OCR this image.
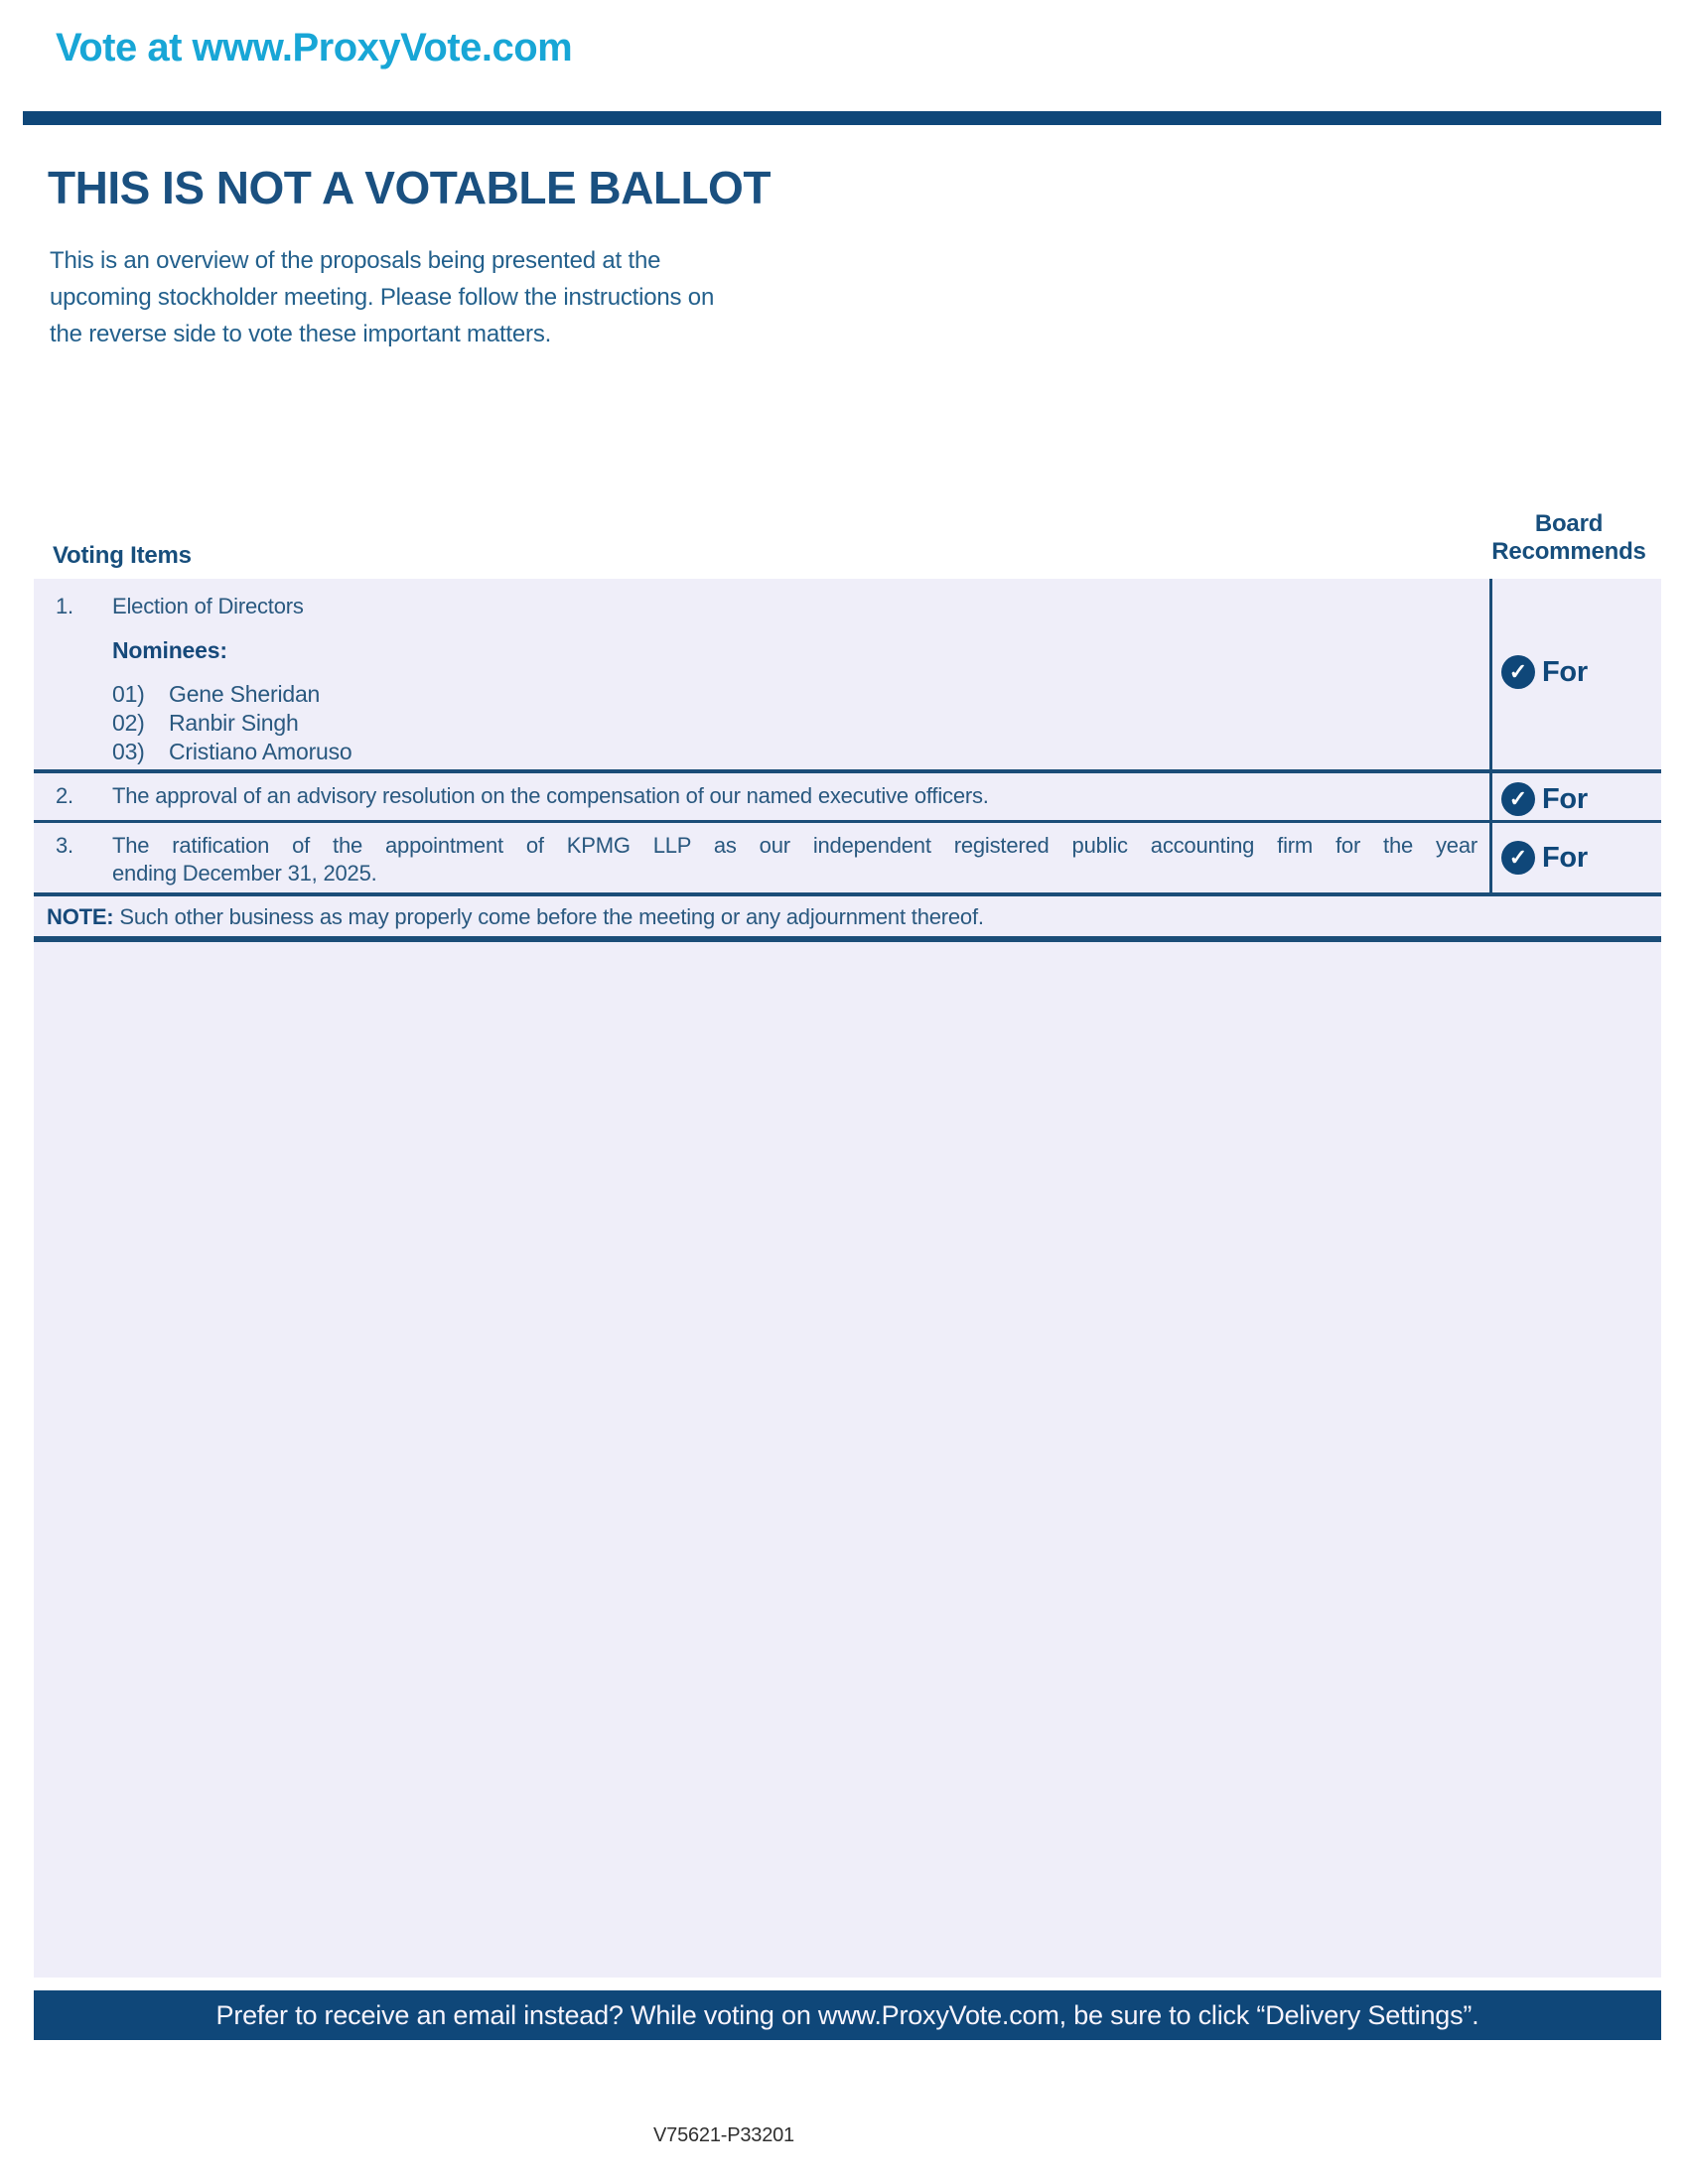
Vote at www.ProxyVote.com
THIS IS NOT A VOTABLE BALLOT
This is an overview of the proposals being presented at the
upcoming stockholder meeting. Please follow the instructions on
the reverse side to vote these important matters.
Voting Items
Board
Recommends
1.	Election of Directors
Nominees:
01)	Gene Sheridan
02)	Ranbir Singh
03)	Cristiano Amoruso
✓ For
2.	The approval of an advisory resolution on the compensation of our named executive officers.	✓ For
3.	The ratification of the appointment of KPMG LLP as our independent registered public accounting firm for the year
ending December 31, 2025.
✓ For
NOTE: Such other business as may properly come before the meeting or any adjournment thereof.
Prefer to receive an email instead? While voting on www.ProxyVote.com, be sure to click “Delivery Settings”.
V75621-P33201
